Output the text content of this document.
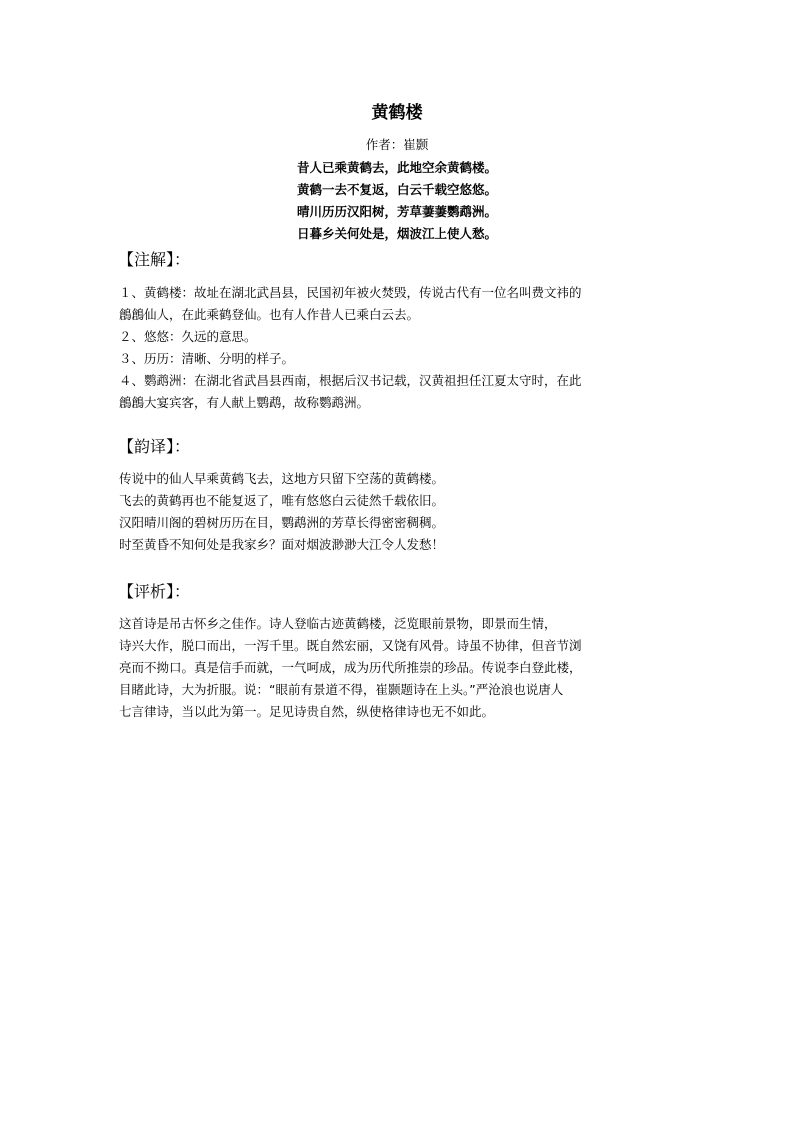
黄鹤楼
作者：崔颢
昔人已乘黄鹤去，此地空余黄鹤楼。
黄鹤一去不复返，白云千载空悠悠。
晴川历历汉阳树，芳草萋萋鹦鹉洲。
日暮乡关何处是，烟波江上使人愁。
【注解】：
１、黄鹤楼：故址在湖北武昌县，民国初年被火焚毁，传说古代有一位名叫费文祎的
鶬鶬仙人，在此乘鹤登仙。也有人作昔人已乘白云去。
２、悠悠：久远的意思。
３、历历：清晰、分明的样子。
４、鹦鹉洲：在湖北省武昌县西南，根据后汉书记载，汉黄祖担任江夏太守时，在此
鶬鶬大宴宾客，有人献上鹦鹉，故称鹦鹉洲。
【韵译】：
传说中的仙人早乘黄鹤飞去，这地方只留下空荡的黄鹤楼。
飞去的黄鹤再也不能复返了，唯有悠悠白云徒然千载依旧。
汉阳晴川阁的碧树历历在目，鹦鹉洲的芳草长得密密稠稠。
时至黄昏不知何处是我家乡？面对烟波渺渺大江令人发愁！
【评析】：
这首诗是吊古怀乡之佳作。诗人登临古迹黄鹤楼，泛览眼前景物，即景而生情，
诗兴大作，脱口而出，一泻千里。既自然宏丽，又饶有风骨。诗虽不协律，但音节浏
亮而不拗口。真是信手而就，一气呵成，成为历代所推崇的珍品。传说李白登此楼，
目睹此诗，大为折服。说：“眼前有景道不得，崔颢题诗在上头。”严沧浪也说唐人
七言律诗，当以此为第一。足见诗贵自然，纵使格律诗也无不如此。
